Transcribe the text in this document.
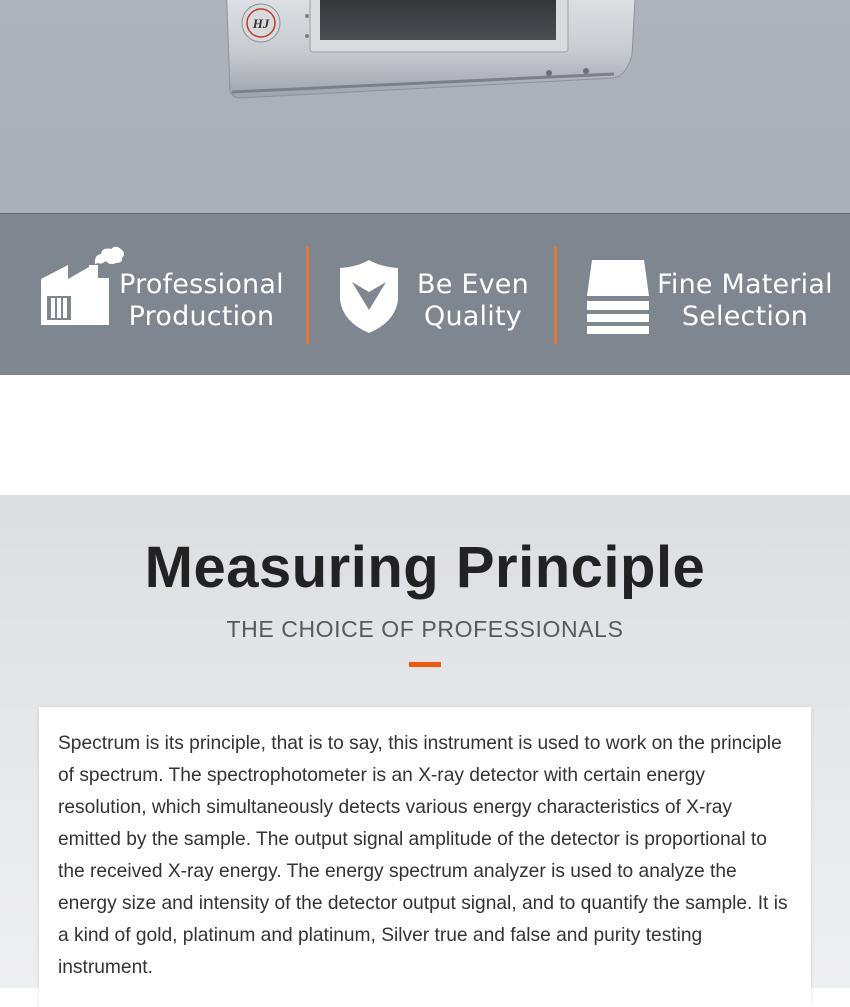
HJ
Professional
Production
Be Even
Quality
Fine Material
Selection
Measuring Principle
THE CHOICE OF PROFESSIONALS

Spectrum is its principle, that is to say, this instrument is used to work on the principle of spectrum. The spectrophotometer is an X-ray detector with certain energy resolution, which simultaneously detects various energy characteristics of X-ray emitted by the sample. The output signal amplitude of the detector is proportional to the received X-ray energy. The energy spectrum analyzer is used to analyze the energy size and intensity of the detector output signal, and to quantify the sample. It is a kind of gold, platinum and platinum, Silver true and false and purity testing instrument.
